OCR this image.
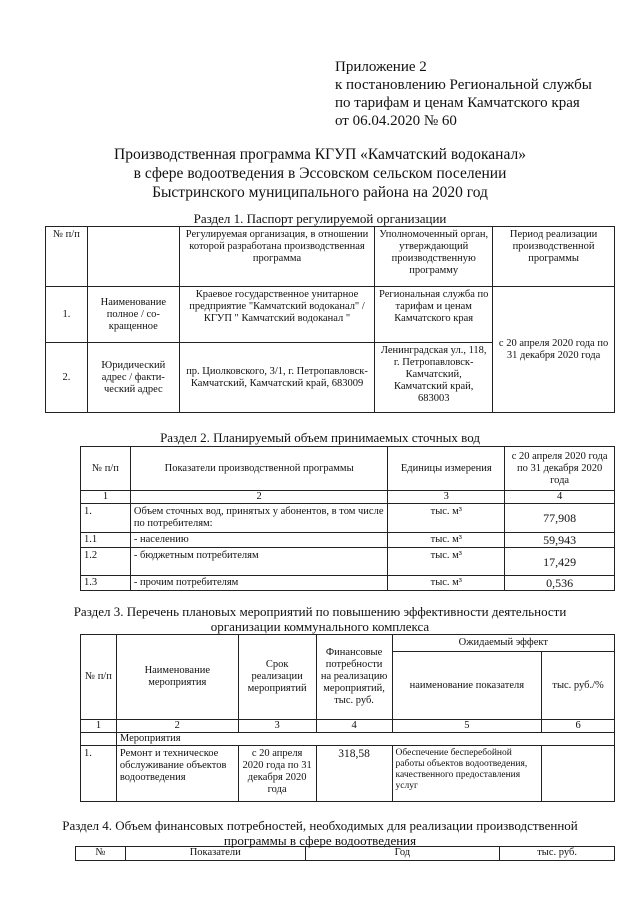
Приложение 2
к постановлению Региональной службы
по тарифам и ценам Камчатского края
от 06.04.2020 № 60
Производственная программа КГУП «Камчатский водоканал»
в сфере водоотведения в Эссовском сельском поселении
Быстринского муниципального района на 2020 год
Раздел 1. Паспорт регулируемой организации
№ п/п		Регулируемая организация, в отношении которой разработана производственная программа	Уполномоченный орган, утверждающий производственную программу	Период реализации производственной программы
1.	Наименование полное / со-кращенное	Краевое государственное унитарное предприятие "Камчатский водоканал" / КГУП " Камчатский водоканал "	Региональная служба по тарифам и ценам Камчатского края	с 20 апреля 2020 года по 31 декабря 2020 года
2.	Юридический адрес / факти-ческий адрес	пр. Циолковского, 3/1, г. Петропавловск-Камчатский, Камчатский край, 683009	Ленинградская ул., 118, г. Петропавловск-Камчатский, Камчатский край, 683003	
Раздел 2. Планируемый объем принимаемых сточных вод
№ п/п	Показатели производственной программы	Единицы измерения	с 20 апреля 2020 года по 31 декабря 2020 года
1	2	3	4
1.	Объем сточных вод, принятых у абонентов, в том числе по потребителям:	тыс. м³	77,908
1.1	- населению	тыс. м³	59,943
1.2	- бюджетным потребителям	тыс. м³	17,429
1.3	- прочим потребителям	тыс. м³	0,536
Раздел 3. Перечень плановых мероприятий по повышению эффективности деятельности
организации коммунального комплекса
№ п/п	Наименование мероприятия	Срок реализации мероприятий	Финансовые потребности на реализацию мероприятий, тыс. руб.	Ожидаемый эффект	
				наименование показателя	тыс. руб./%
1	2	3	4	5	6
	Мероприятия				
1.	Ремонт и техническое обслуживание объектов водоотведения	с 20 апреля 2020 года по 31 декабря 2020 года	318,58	Обеспечение бесперебойной работы объектов водоотведения, качественного предоставления услуг	
Раздел 4. Объем финансовых потребностей, необходимых для реализации производственной
программы в сфере водоотведения
№	Показатели	Год	тыс. руб.
